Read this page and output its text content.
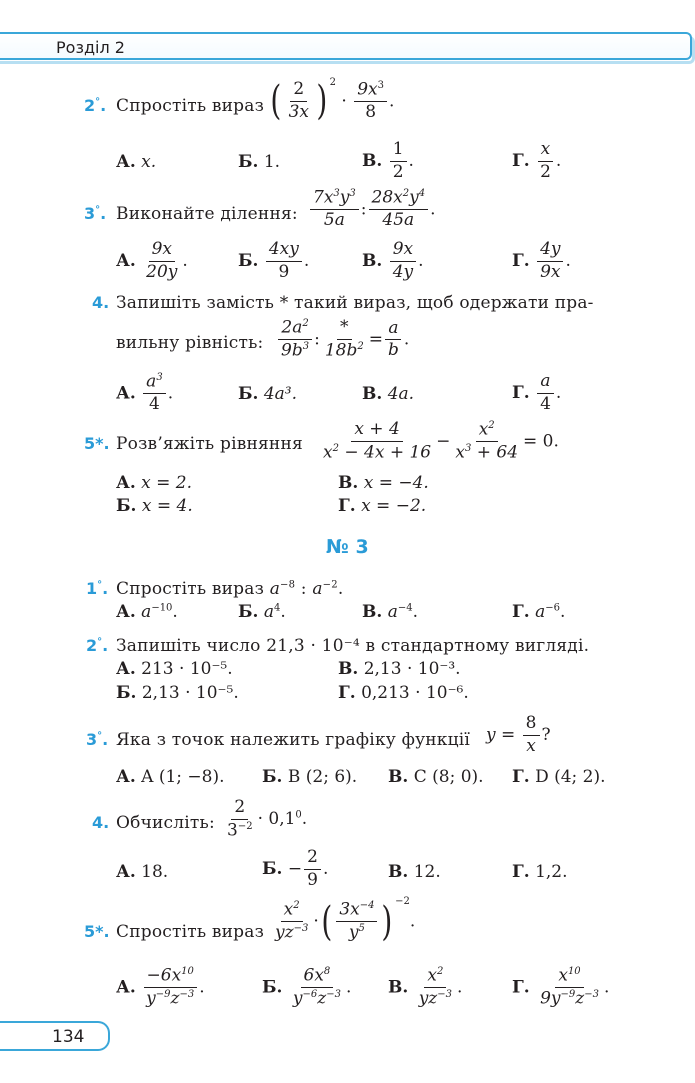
Розділ 2
2°. Спростіть вираз ( $\frac{2}{3x}$ ) $^2 \cdot \frac{9x^3}{8}$ .
А. x.	Б. 1.	В. $\frac{1}{2}$ .	Г. $\frac{x}{2}$ .
3°. Виконайте ділення: $\frac{7x^3y^3}{5a}$ : $\frac{28x^2y^4}{45a}$ .
А. $\frac{9x}{20y}$ .	Б. $\frac{4xy}{9}$ .	В. $\frac{9x}{4y}$ .	Г. $\frac{4y}{9x}$ .
4. Запишіть замість * такий вираз, щоб одержати пра-
вильну рівність: $\frac{2a^2}{9b^3}$ : $\frac{*}{18b^2} = \frac{a}{b}$ .
А. $\frac{a^3}{4}$ .	Б. 4a³.	В. 4a.	Г. $\frac{a}{4}$ .
5*. Розв’яжіть рівняння $\frac{x + 4}{x^2 - 4x + 16} - \frac{x^2}{x^3 + 64} = 0$.
А. x = 2.	В. x = −4.
Б. x = 4.	Г. x = −2.
№ 3
1°. Спростіть вираз $a^{-8}$ : $a^{-2}$.
А. $a^{-10}$.	Б. $a^4$.	В. $a^{-4}$.	Г. $a^{-6}$.
2°. Запишіть число 21,3 · 10⁻⁴ в стандартному вигляді.
А. 213 · 10⁻⁵.	В. 2,13 · 10⁻³.
Б. 2,13 · 10⁻⁵.	Г. 0,213 · 10⁻⁶.
3°. Яка з точок належить графіку функції $y = \frac{8}{x}$ ?
А. A (1; −8). Б. B (2; 6). В. C (8; 0). Г. D (4; 2).
4. Обчисліть: $\frac{2}{3^{-2}} \cdot 0,1^0$.
А. 18.	Б. − $\frac{2}{9}$ .	В. 12.	Г. 1,2.
5*. Спростіть вираз $\frac{x^2}{yz^{-3}}$ ·( $\frac{3x^{-4}}{y^5}$ ) $^{-2}$.
А. $\frac{-6x^{10}}{y^{-9}z^{-3}}$ .	Б. $\frac{6x^8}{y^{-6}z^{-3}}$ . В. $\frac{x^2}{yz^{-3}}$ .	Г. $\frac{x^{10}}{9y^{-9}z^{-3}}$ .
134
